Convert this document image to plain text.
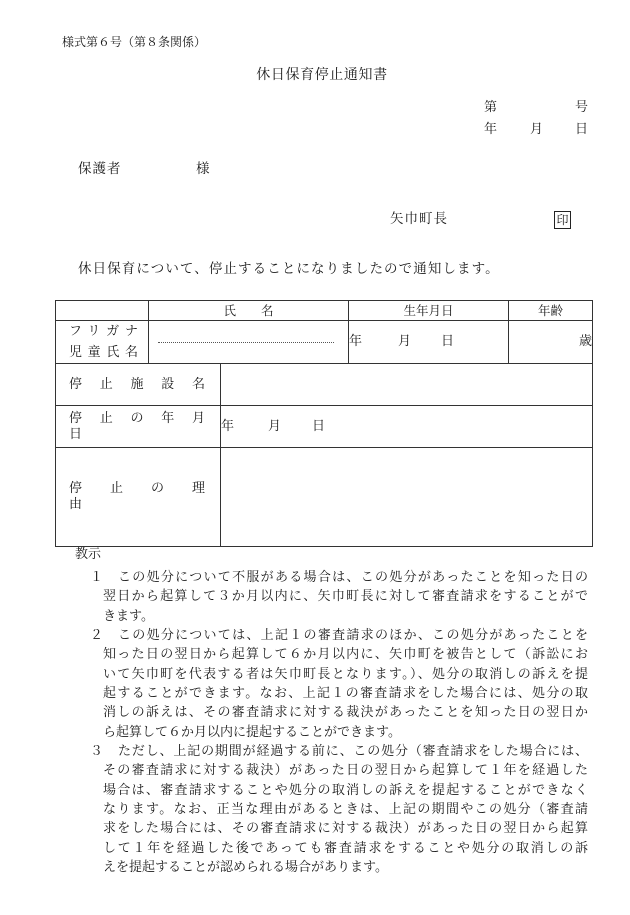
様式第６号（第８条関係）
休日保育停止通知書
第	号
年	月 日
保護者	様
矢巾町長	印
休日保育について、停止することになりましたので通知します。
	氏　　名		生年月日	年齢

フリガナ
児童氏名			年 月 日	歳

停　止　施　設　名				

停　止　の　年　月　日		年 月 日		

停　　止　　の　　理　　由				

教示
１ この処分について不服がある場合は、この処分があったことを知った日の
翌日から起算して３か月以内に、矢巾町長に対して審査請求をすることがで
きます。
２ この処分については、上記１の審査請求のほか、この処分があったことを
知った日の翌日から起算して６か月以内に、矢巾町を被告として（訴訟にお
いて矢巾町を代表する者は矢巾町長となります。）、処分の取消しの訴えを提
起することができます。なお、上記１の審査請求をした場合には、処分の取
消しの訴えは、その審査請求に対する裁決があったことを知った日の翌日か
ら起算して６か月以内に提起することができます。
３ ただし、上記の期間が経過する前に、この処分（審査請求をした場合には、
その審査請求に対する裁決）があった日の翌日から起算して１年を経過した
場合は、審査請求することや処分の取消しの訴えを提起することができなく
なります。なお、正当な理由があるときは、上記の期間やこの処分（審査請
求をした場合には、その審査請求に対する裁決）があった日の翌日から起算
して１年を経過した後であっても審査請求をすることや処分の取消しの訴
えを提起することが認められる場合があります。
